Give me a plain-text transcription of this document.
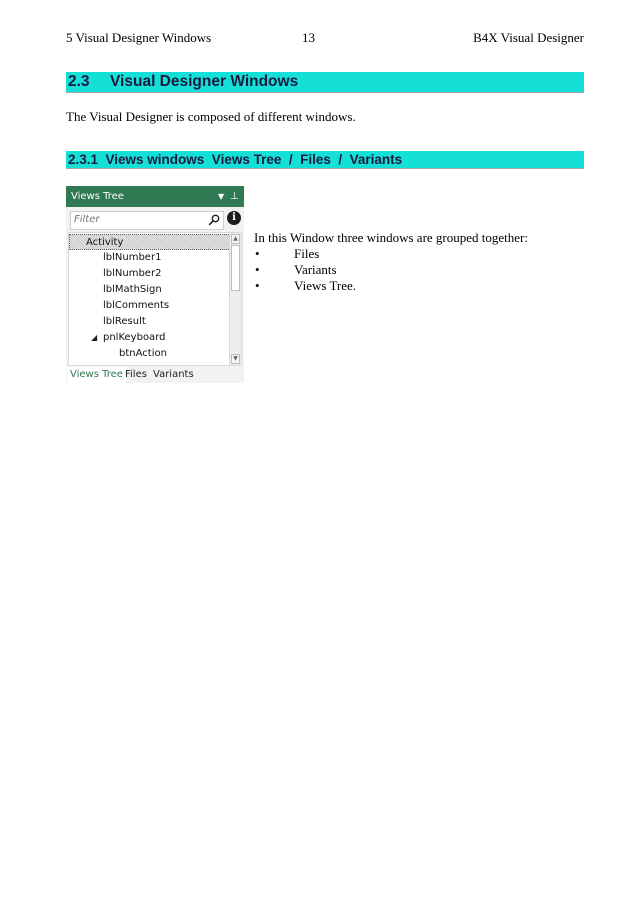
5 Visual Designer Windows	13	B4X Visual Designer
2.3 Visual Designer Windows
The Visual Designer is composed of different windows.
2.3.1  Views windows  Views Tree  /  Files  /  Variants
Views Tree	▼ ⊥
Filter
i
Activity
lblNumber1
lblNumber2
lblMathSign
lblComments
lblResult
◢ pnlKeyboard
btnAction
▲
▼
Views Tree Files Variants
In this Window three windows are grouped together:
•	Files
•	Variants
•	Views Tree.
